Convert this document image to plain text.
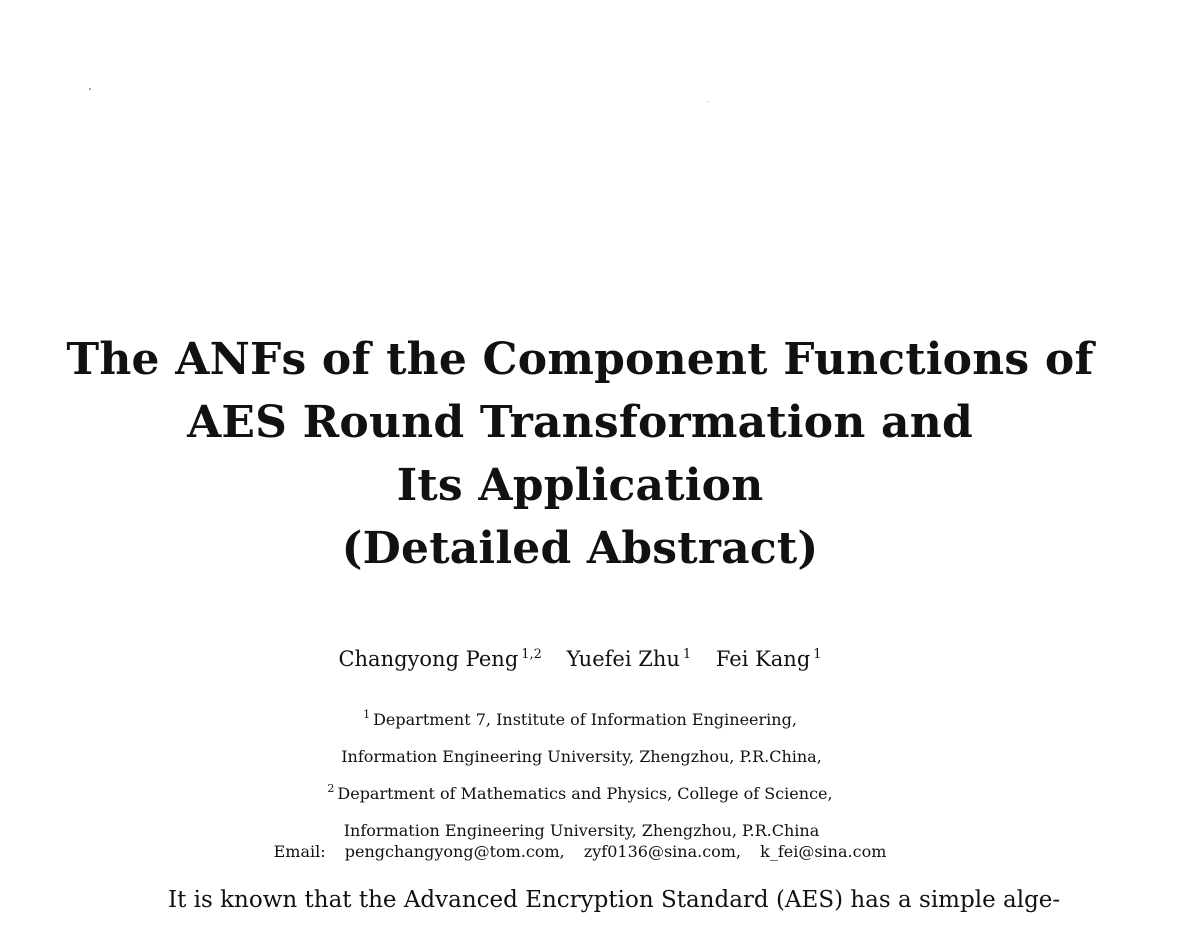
The ANFs of the Component Functions of
AES Round Transformation and
Its Application
(Detailed Abstract)
Changyong Peng $^{1,2}$ Yuefei Zhu $^1$ Fei Kang $^1$
$^1$ Department 7, Institute of Information Engineering,
Information Engineering University, Zhengzhou, P.R.China,
$^2$ Department of Mathematics and Physics, College of Science,
Information Engineering University, Zhengzhou, P.R.China
Email: pengchangyong@tom.com, zyf0136@sina.com, k_fei@sina.com
It is known that the Advanced Encryption Standard (AES) has a simple alge-
